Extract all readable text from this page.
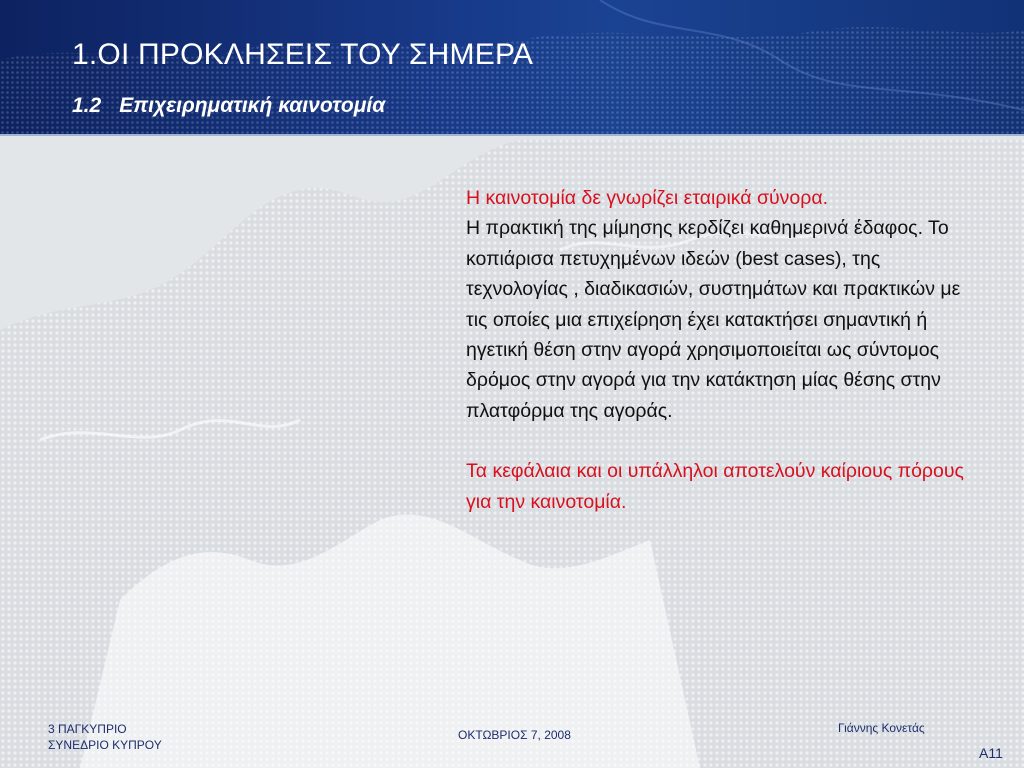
1.ΟΙ ΠΡΟΚΛΗΣΕΙΣ ΤΟΥ ΣΗΜΕΡΑ
1.2 Επιχειρηματική καινοτομία
Η καινοτομία δε γνωρίζει εταιρικά σύνορα.
Η πρακτική της μίμησης κερδίζει καθημερινά έδαφος. Το κοπιάρισα πετυχημένων ιδεών (best cases), της τεχνολογίας , διαδικασιών, συστημάτων και πρακτικών με τις οποίες μια επιχείρηση έχει κατακτήσει σημαντική ή ηγετική θέση στην αγορά χρησιμοποιείται ως σύντομος δρόμος στην αγορά για την κατάκτηση μίας θέσης στην πλατφόρμα της αγοράς.
Τα κεφάλαια και οι υπάλληλοι αποτελούν καίριους πόρους για την καινοτομία.
3 ΠΑΓΚΥΠΡΙΟ
ΣΥΝΕΔΡΙΟ ΚΥΠΡΟΥ
ΟΚΤΩΒΡΙΟΣ 7, 2008	Γιάννης Κονετάς
A11
